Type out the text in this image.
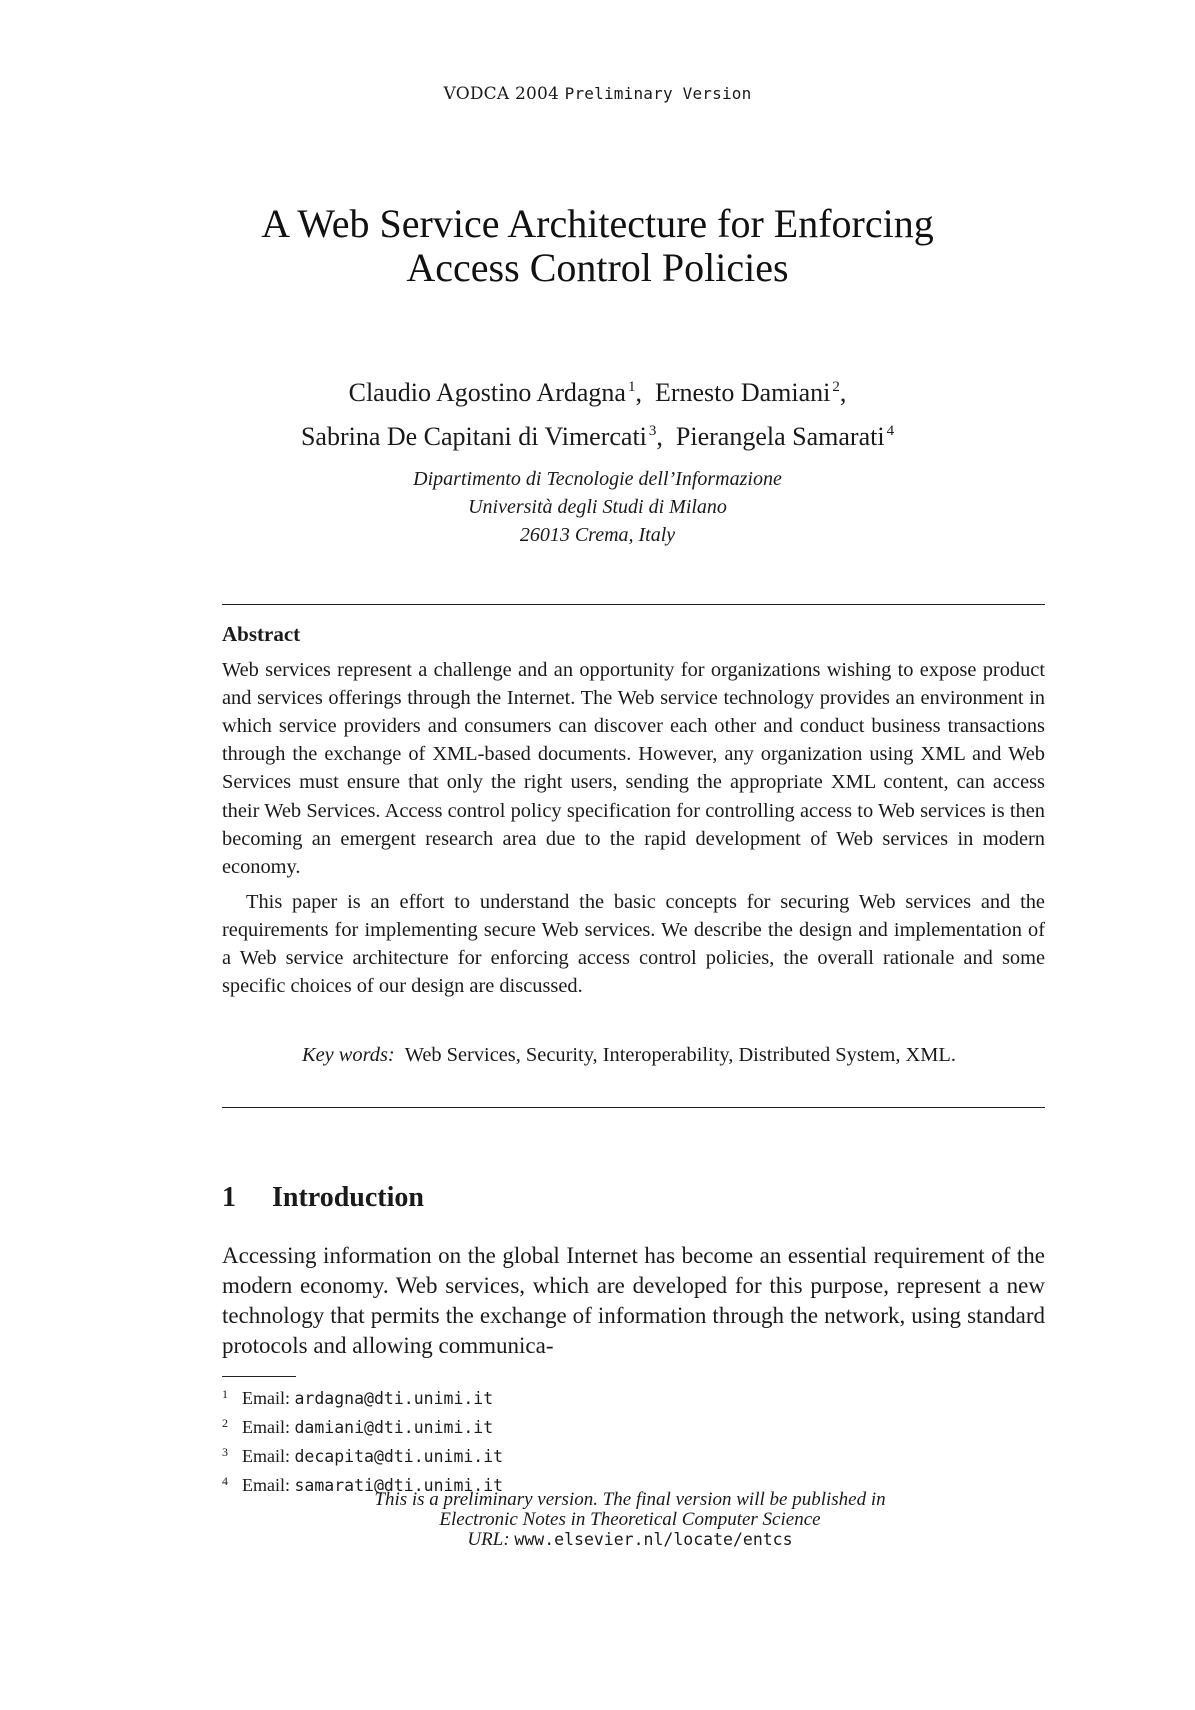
VODCA 2004 Preliminary Version
A Web Service Architecture for Enforcing
Access Control Policies
Claudio Agostino Ardagna $^1$,  Ernesto Damiani $^2$,
Sabrina De Capitani di Vimercati $^3$,  Pierangela Samarati $^4$
Dipartimento di Tecnologie dell’Informazione
Università degli Studi di Milano
26013 Crema, Italy
Abstract

Web services represent a challenge and an opportunity for organizations wishing to expose product and services offerings through the Internet. The Web service technology provides an environment in which service providers and consumers can discover each other and conduct business transactions through the exchange of XML-based documents. However, any organization using XML and Web Services must ensure that only the right users, sending the appropriate XML content, can access their Web Services. Access control policy specification for controlling access to Web services is then becoming an emergent research area due to the rapid development of Web services in modern economy.

This paper is an effort to understand the basic concepts for securing Web services and the requirements for implementing secure Web services. We describe the design and implementation of a Web service architecture for enforcing access control policies, the overall rationale and some specific choices of our design are discussed.

Key words: Web Services, Security, Interoperability, Distributed System, XML.
1 Introduction

Accessing information on the global Internet has become an essential requirement of the modern economy. Web services, which are developed for this purpose, represent a new technology that permits the exchange of information through the network, using standard protocols and allowing communica-

$^1$ Email: ardagna@dti.unimi.it
$^2$ Email: damiani@dti.unimi.it
$^3$ Email: decapita@dti.unimi.it
$^4$ Email: samarati@dti.unimi.it
This is a preliminary version. The final version will be published in
Electronic Notes in Theoretical Computer Science
URL: www.elsevier.nl/locate/entcs
